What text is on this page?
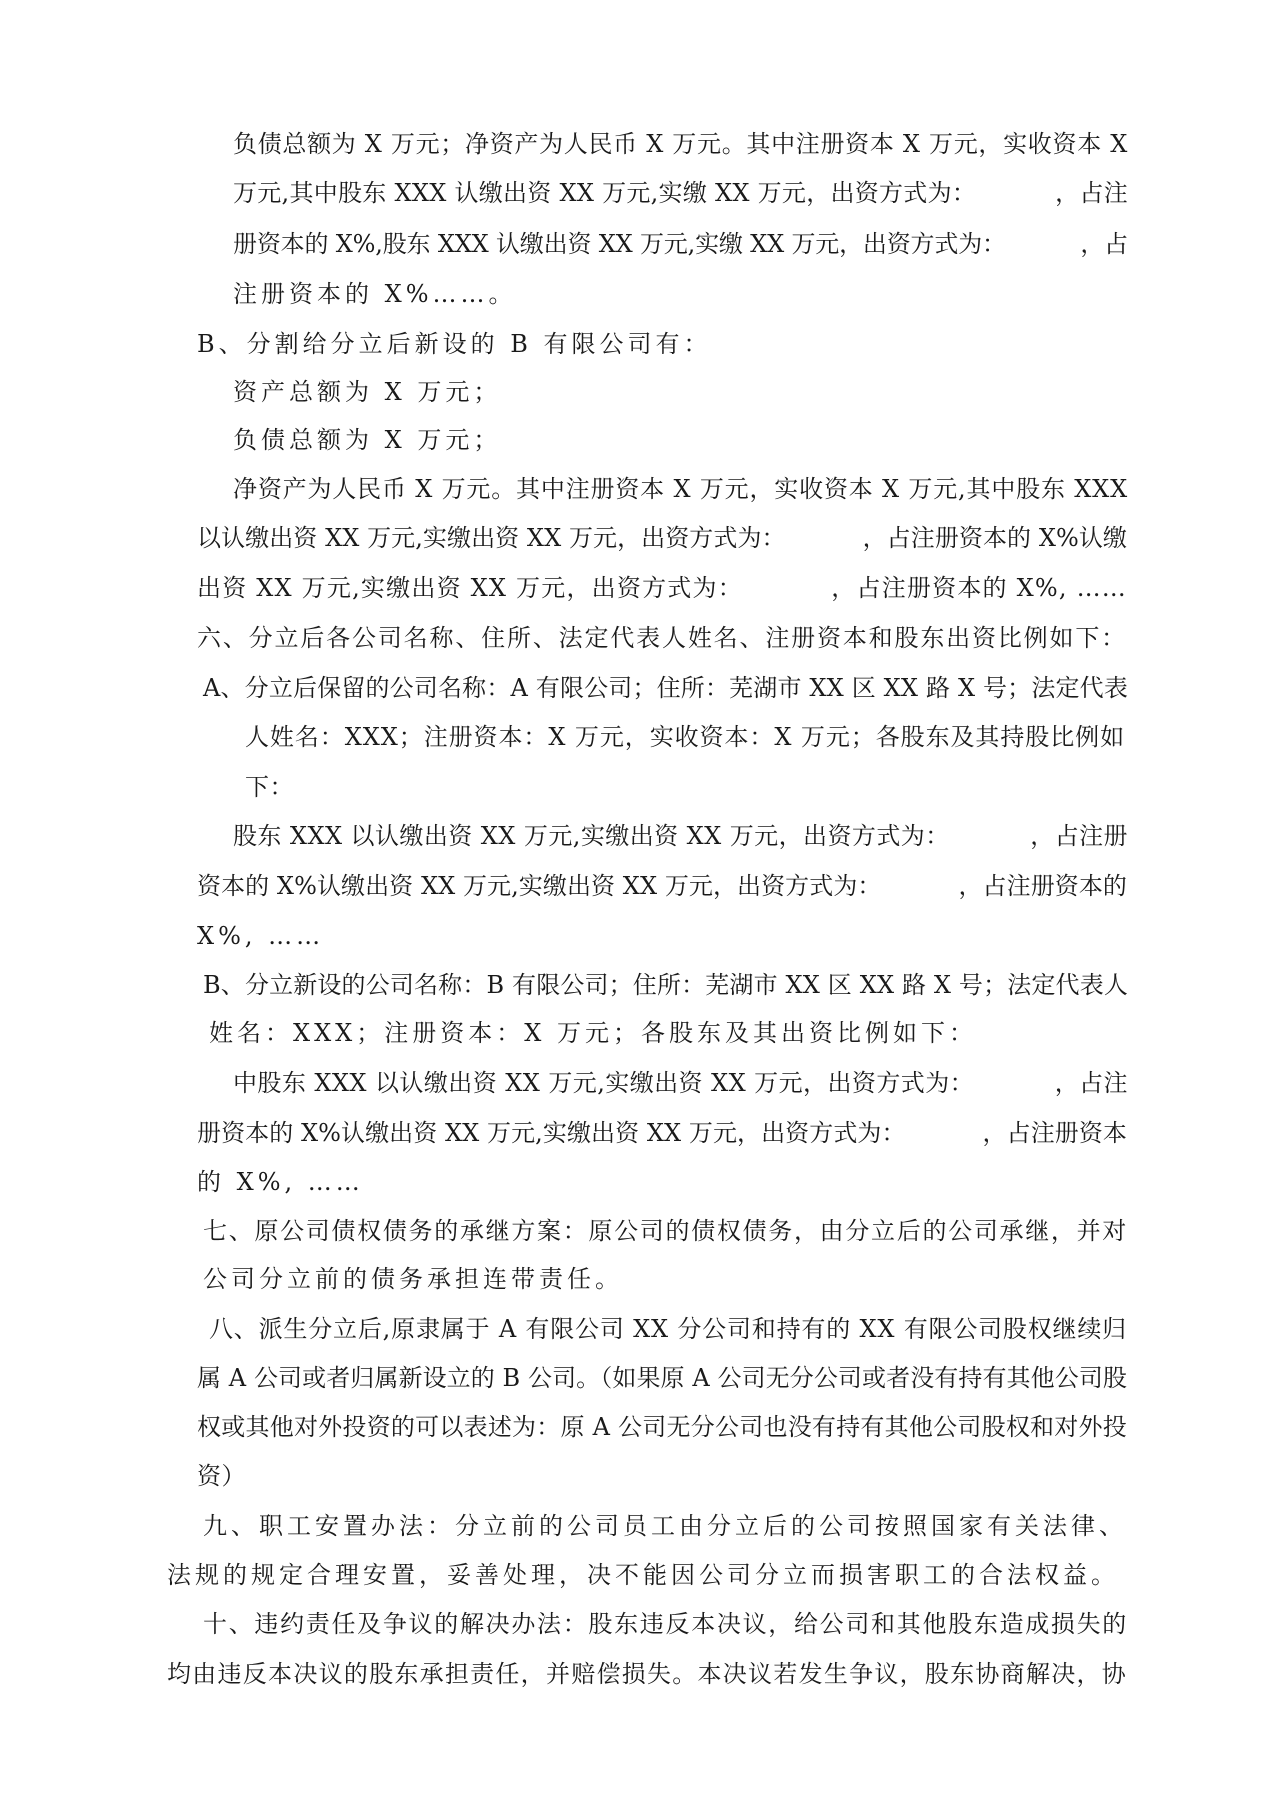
负债总额为 X 万元；净资产为人民币 X 万元。其中注册资本 X 万元，实收资本 X
万元,其中股东 XXX 认缴出资 XX 万元,实缴 XX 万元，出资方式为：          ，占注
册资本的 X%,股东 XXX 认缴出资 XX 万元,实缴 XX 万元，出资方式为：          ，占
注册资本的 X%……。
B、分割给分立后新设的 B 有限公司有：
资产总额为 X 万元；
负债总额为 X 万元；
净资产为人民币 X 万元。其中注册资本 X 万元，实收资本 X 万元,其中股东 XXX
以认缴出资 XX 万元,实缴出资 XX 万元，出资方式为：          ，占注册资本的 X%认缴
出资 XX 万元,实缴出资 XX 万元，出资方式为：          ，占注册资本的 X%, ……
六、分立后各公司名称、住所、法定代表人姓名、注册资本和股东出资比例如下：
A、分立后保留的公司名称：A 有限公司；住所：芜湖市 XX 区 XX 路 X 号；法定代表
人姓名：XXX；注册资本：X 万元，实收资本：X 万元；各股东及其持股比例如
下：
股东 XXX 以认缴出资 XX 万元,实缴出资 XX 万元，出资方式为：          ，占注册
资本的 X%认缴出资 XX 万元,实缴出资 XX 万元，出资方式为：          ，占注册资本的
X%, ……
B、分立新设的公司名称：B 有限公司；住所：芜湖市 XX 区 XX 路 X 号；法定代表人
姓名：XXX；注册资本：X 万元；各股东及其出资比例如下：
中股东 XXX 以认缴出资 XX 万元,实缴出资 XX 万元，出资方式为：          ，占注
册资本的 X%认缴出资 XX 万元,实缴出资 XX 万元，出资方式为：          ，占注册资本
的 X%, ……
七、原公司债权债务的承继方案：原公司的债权债务，由分立后的公司承继，并对
公司分立前的债务承担连带责任。
八、派生分立后,原隶属于 A 有限公司 XX 分公司和持有的 XX 有限公司股权继续归
属 A 公司或者归属新设立的 B 公司。（如果原 A 公司无分公司或者没有持有其他公司股
权或其他对外投资的可以表述为：原 A 公司无分公司也没有持有其他公司股权和对外投
资）
九、职工安置办法：分立前的公司员工由分立后的公司按照国家有关法律、
法规的规定合理安置，妥善处理，决不能因公司分立而损害职工的合法权益。
十、违约责任及争议的解决办法：股东违反本决议，给公司和其他股东造成损失的
均由违反本决议的股东承担责任，并赔偿损失。本决议若发生争议，股东协商解决，协
